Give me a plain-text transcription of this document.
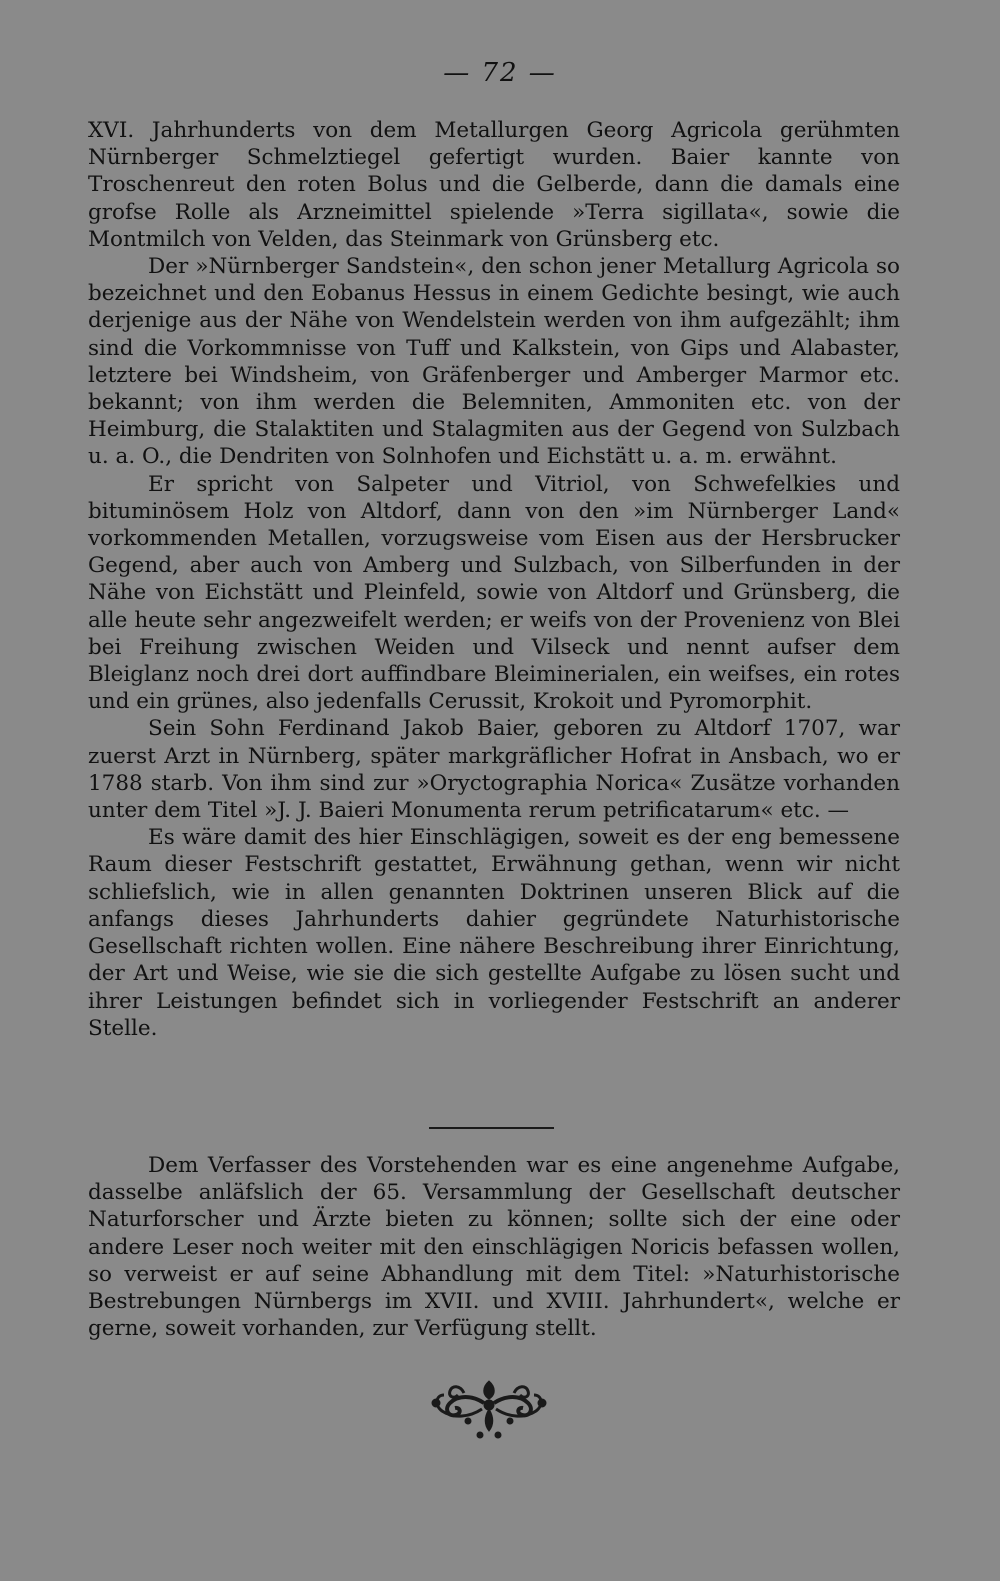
— 72 —

XVI. Jahrhunderts von dem Metallurgen Georg Agricola gerühmten Nürnberger Schmelztiegel gefertigt wurden. Baier kannte von Troschenreut den roten Bolus und die Gelberde, dann die damals eine grofse Rolle als Arzneimittel spielende »Terra sigillata«, sowie die Montmilch von Velden, das Steinmark von Grünsberg etc.

Der »Nürnberger Sandstein«, den schon jener Metallurg Agricola so bezeichnet und den Eobanus Hessus in einem Gedichte besingt, wie auch derjenige aus der Nähe von Wendelstein werden von ihm aufgezählt; ihm sind die Vorkommnisse von Tuff und Kalkstein, von Gips und Alabaster, letztere bei Windsheim, von Gräfenberger und Amberger Marmor etc. bekannt; von ihm werden die Belemniten, Ammoniten etc. von der Heimburg, die Stalaktiten und Stalagmiten aus der Gegend von Sulzbach u. a. O., die Dendriten von Solnhofen und Eichstätt u. a. m. erwähnt.

Er spricht von Salpeter und Vitriol, von Schwefelkies und bituminösem Holz von Altdorf, dann von den »im Nürnberger Land« vorkommenden Metallen, vorzugsweise vom Eisen aus der Hersbrucker Gegend, aber auch von Amberg und Sulzbach, von Silberfunden in der Nähe von Eichstätt und Pleinfeld, sowie von Altdorf und Grünsberg, die alle heute sehr angezweifelt werden; er weifs von der Provenienz von Blei bei Freihung zwischen Weiden und Vilseck und nennt aufser dem Bleiglanz noch drei dort auffindbare Bleiminerialen, ein weifses, ein rotes und ein grünes, also jedenfalls Cerussit, Krokoit und Pyromorphit.

Sein Sohn Ferdinand Jakob Baier, geboren zu Altdorf 1707, war zuerst Arzt in Nürnberg, später markgräflicher Hofrat in Ansbach, wo er 1788 starb. Von ihm sind zur »Oryctographia Norica« Zusätze vorhanden unter dem Titel »J. J. Baieri Monumenta rerum petrificatarum« etc. —

Es wäre damit des hier Einschlägigen, soweit es der eng bemessene Raum dieser Festschrift gestattet, Erwähnung gethan, wenn wir nicht schliefslich, wie in allen genannten Doktrinen unseren Blick auf die anfangs dieses Jahrhunderts dahier gegründete Naturhistorische Gesellschaft richten wollen. Eine nähere Beschreibung ihrer Einrichtung, der Art und Weise, wie sie die sich gestellte Aufgabe zu lösen sucht und ihrer Leistungen befindet sich in vorliegender Festschrift an anderer Stelle.

Dem Verfasser des Vorstehenden war es eine angenehme Aufgabe, dasselbe anläfslich der 65. Versammlung der Gesellschaft deutscher Naturforscher und Ärzte bieten zu können; sollte sich der eine oder andere Leser noch weiter mit den einschlägigen Noricis befassen wollen, so verweist er auf seine Abhandlung mit dem Titel: »Naturhistorische Bestrebungen Nürnbergs im XVII. und XVIII. Jahrhundert«, welche er gerne, soweit vorhanden, zur Verfügung stellt.
